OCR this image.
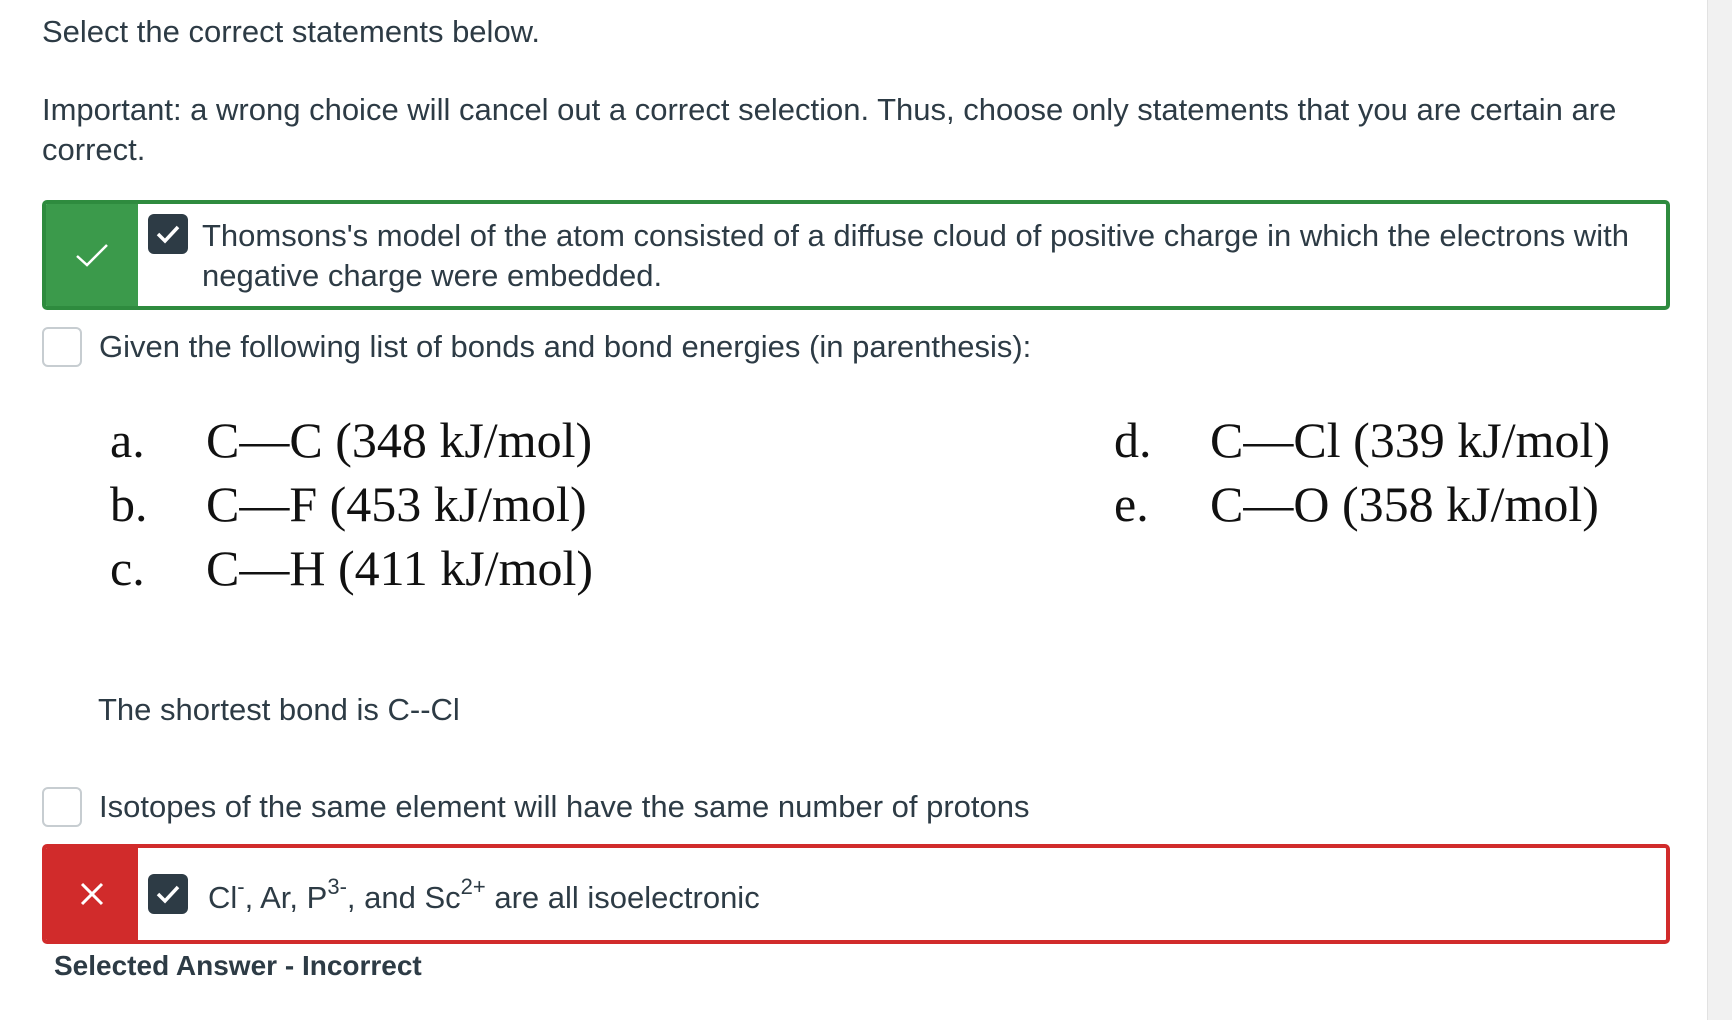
Select the correct statements below.
Important: a wrong choice will cancel out a correct selection. Thus, choose only statements that you are certain are correct.
Thomsons's model of the atom consisted of a diffuse cloud of positive charge in which the electrons with negative charge were embedded.
Given the following list of bonds and bond energies (in parenthesis):
a. C—C (348 kJ/mol)
b. C—F (453 kJ/mol)
c. C—H (411 kJ/mol)
d. C—Cl (339 kJ/mol)
e. C—O (358 kJ/mol)
The shortest bond is C--Cl
Isotopes of the same element will have the same number of protons
Cl-, Ar, $P^{3-}$, and $Sc^{2+}$ are all isoelectronic
Selected Answer - Incorrect
